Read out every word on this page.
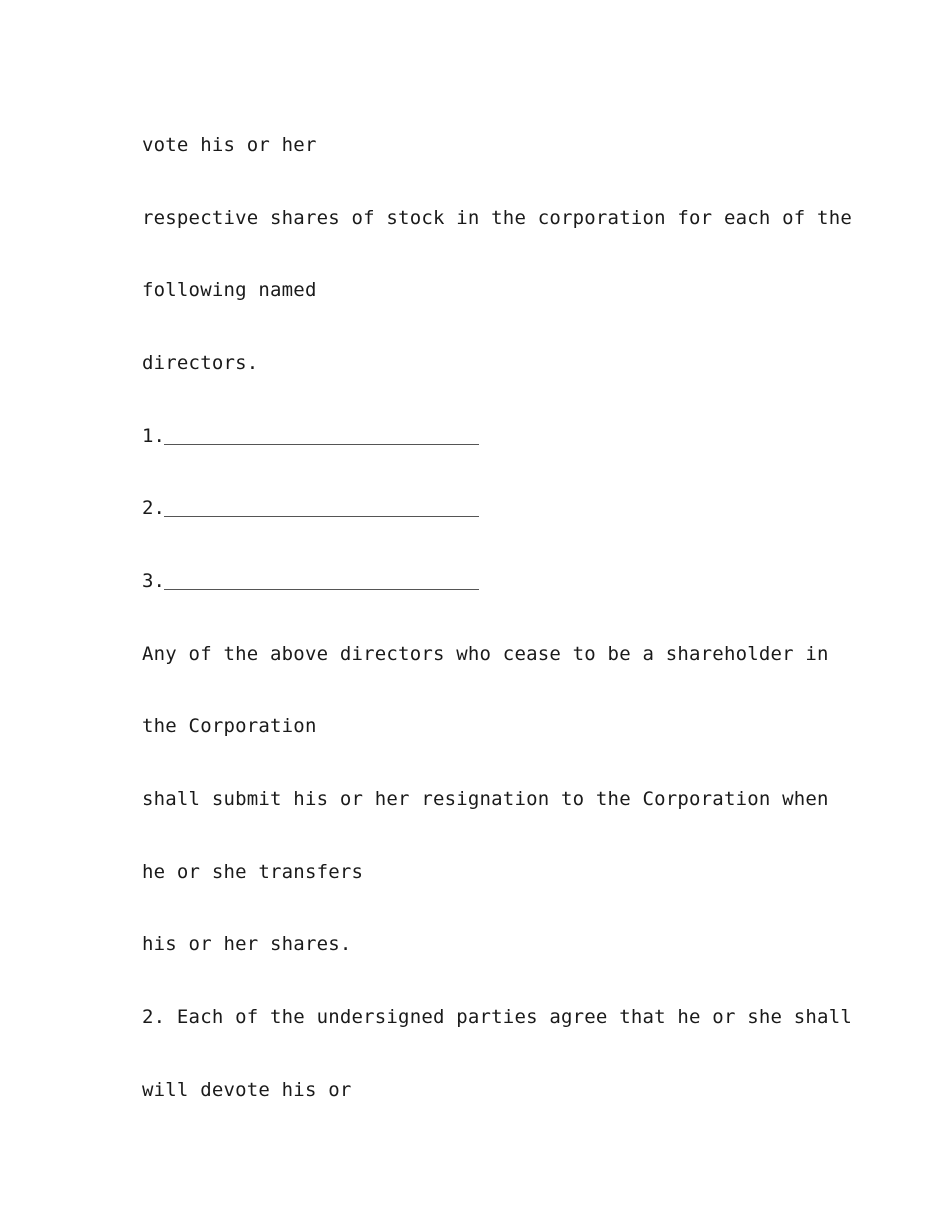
vote his or her
respective shares of stock in the corporation for each of the
following named
directors.
1.
2.
3.
Any of the above directors who cease to be a shareholder in
the Corporation
shall submit his or her resignation to the Corporation when
he or she transfers
his or her shares.
2. Each of the undersigned parties agree that he or she shall
will devote his or
